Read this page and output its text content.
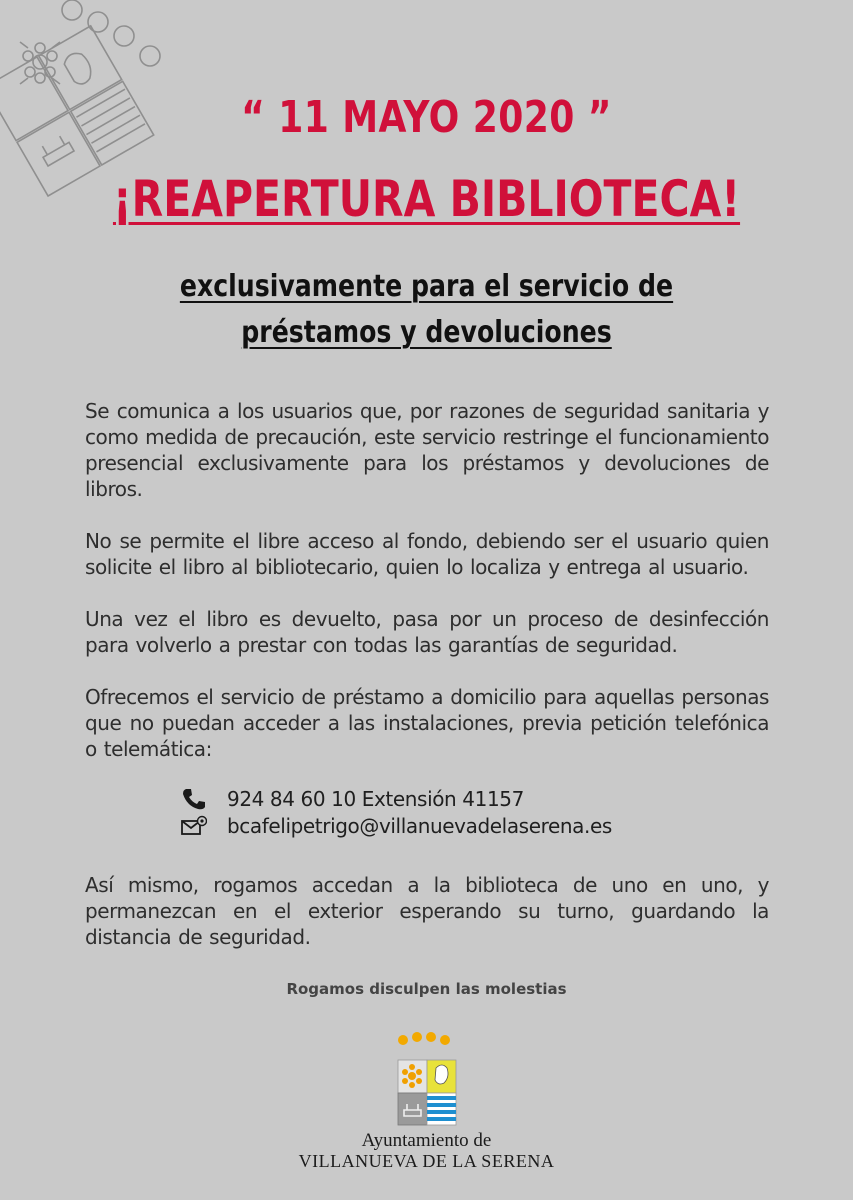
“ 11 MAYO 2020 ”
¡REAPERTURA BIBLIOTECA!
exclusivamente para el servicio de
préstamos y devoluciones

Se comunica a los usuarios que, por razones de seguridad sanitaria y como medida de precaución, este servicio restringe el funcionamiento presencial exclusivamente para los préstamos y devoluciones de libros.

No se permite el libre acceso al fondo, debiendo ser el usuario quien solicite el libro al bibliotecario, quien lo localiza y entrega al usuario.

Una vez el libro es devuelto, pasa por un proceso de desinfección para volverlo a prestar con todas las garantías de seguridad.

Ofrecemos el servicio de préstamo a domicilio para aquellas personas que no puedan acceder a las instalaciones, previa petición telefónica o telemática:

924 84 60 10 Extensión 41157
bcafelipetrigo@villanuevadelaserena.es

Así mismo, rogamos accedan a la biblioteca de uno en uno, y permanezcan en el exterior esperando su turno, guardando la distancia de seguridad.

Rogamos disculpen las molestias
Ayuntamiento de
VILLANUEVA DE LA SERENA
